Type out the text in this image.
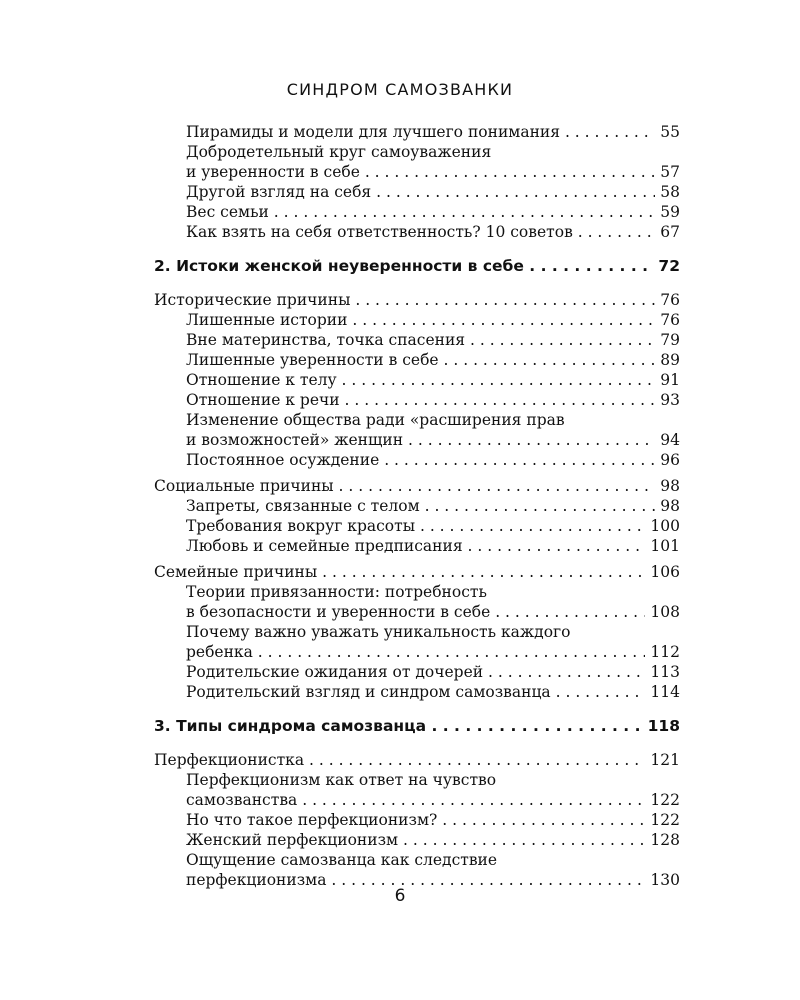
СИНДРОМ САМОЗВАНКИ
Пирамиды и модели для лучшего понимания . . .	55
Добродетельный круг самоуважения
и уверенности в себе . . .	57
Другой взгляд на себя . . .	58
Вес семьи . . .	59
Как взять на себя ответственность? 10 советов . . .	67
2. Истоки женской неуверенности в себе . . .	72
Исторические причины . . .	76
Лишенные истории . . .	76
Вне материнства, точка спасения . . .	79
Лишенные уверенности в себе . . .	89
Отношение к телу . . .	91
Отношение к речи . . .	93
Изменение общества ради «расширения прав
и возможностей» женщин . . .	94
Постоянное осуждение . . .	96
Социальные причины . . .	98
Запреты, связанные с телом . . .	98
Требования вокруг красоты . . .	100
Любовь и семейные предписания . . .	101
Семейные причины . . .	106
Теории привязанности: потребность
в безопасности и уверенности в себе . . .	108
Почему важно уважать уникальность каждого
ребенка . . .	112
Родительские ожидания от дочерей . . .	113
Родительский взгляд и синдром самозванца . . .	114
3. Типы синдрома самозванца . . .	118
Перфекционистка . . .	121
Перфекционизм как ответ на чувство
самозванства . . .	122
Но что такое перфекционизм? . . .	122
Женский перфекционизм . . .	128
Ощущение самозванца как следствие
перфекционизма . . .	130
6
